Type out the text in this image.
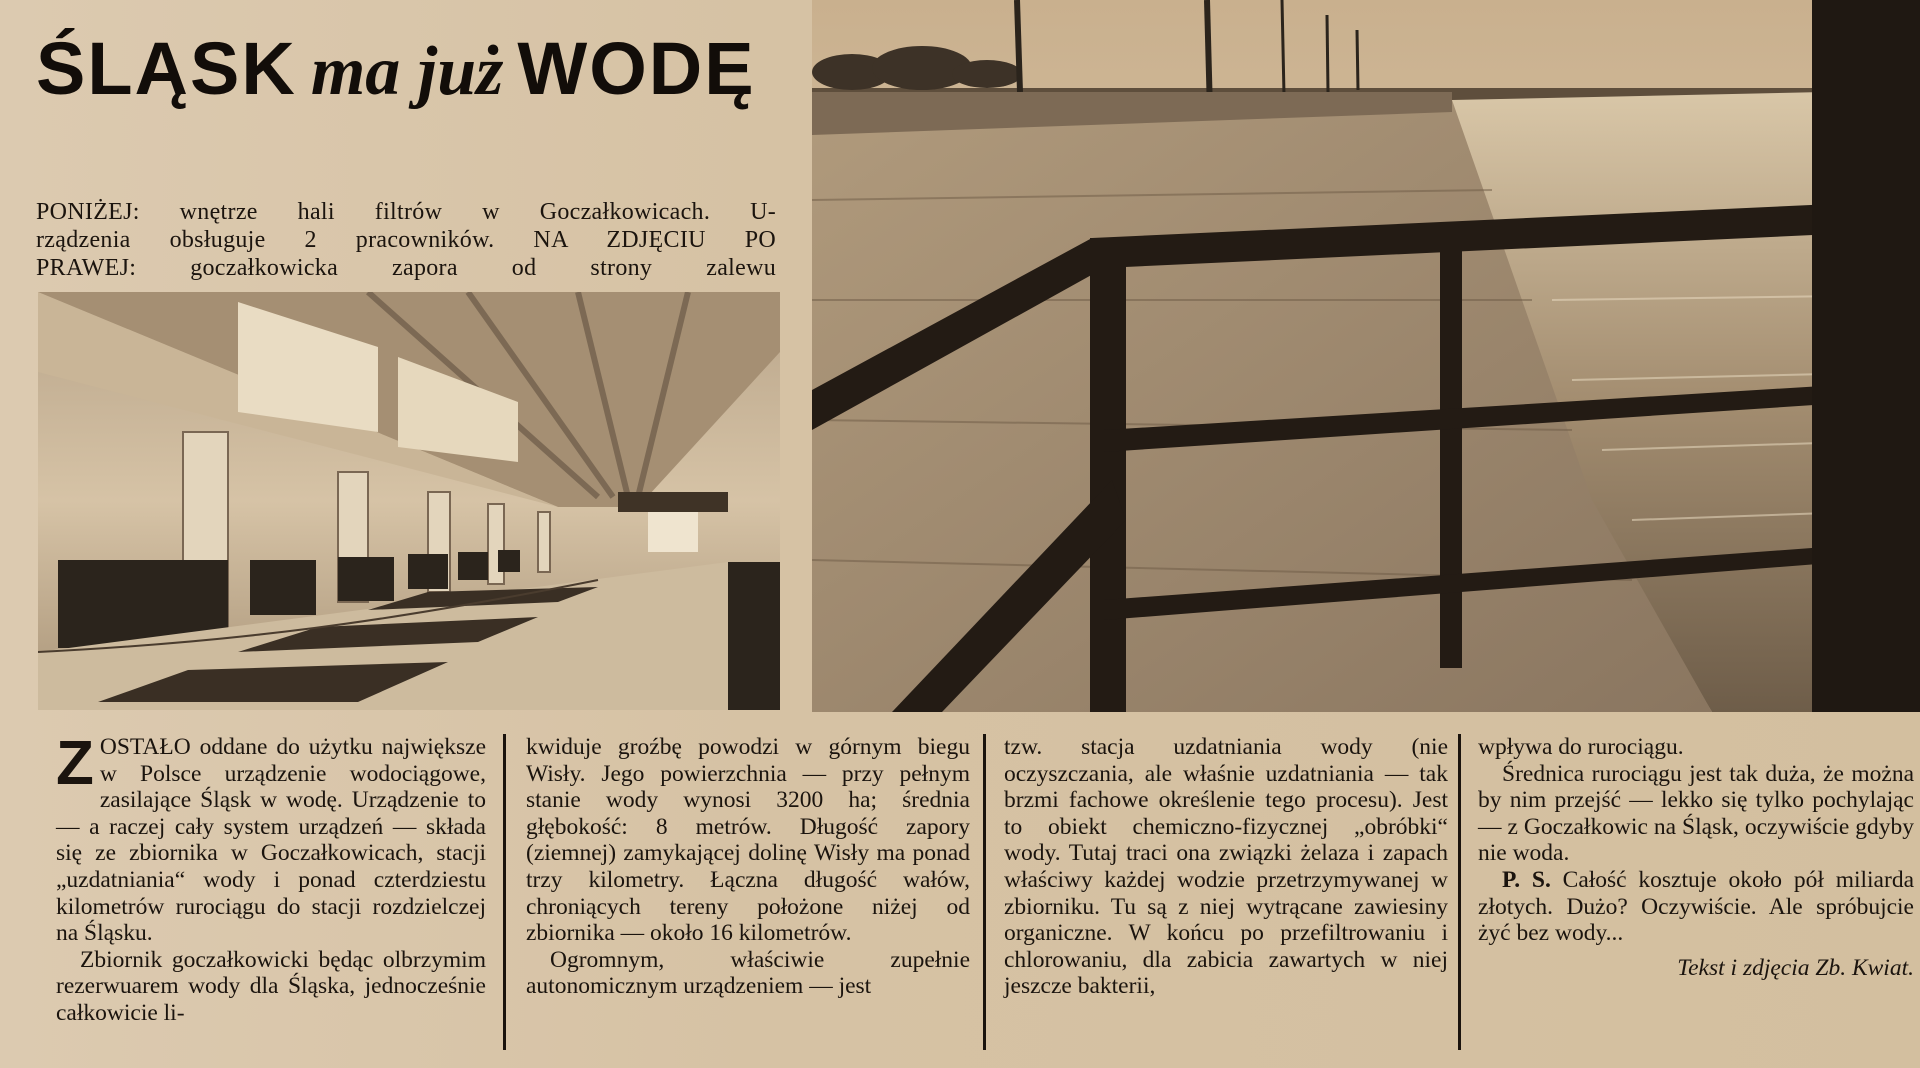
ŚLĄSK ma już WODĘ
PONIŻEJ: wnętrze hali filtrów w Goczałkowicach. U-
rządzenia obsługuje 2 pracowników. NA ZDJĘCIU PO
PRAWEJ: goczałkowicka zapora od strony zalewu
Z OSTAŁO oddane do użytku największe w Polsce urządzenie wodociągowe, zasilające Śląsk w wodę. Urządzenie to — a raczej cały system urządzeń — składa się ze zbiornika w Goczałkowicach, stacji „uzdatniania“ wody i ponad czterdziestu kilometrów rurociągu do stacji rozdzielczej na Śląsku.

Zbiornik goczałkowicki będąc olbrzymim rezerwuarem wody dla Śląska, jednocześnie całkowicie li-

kwiduje groźbę powodzi w górnym biegu Wisły. Jego powierzchnia — przy pełnym stanie wody wynosi 3200 ha; średnia głębokość: 8 metrów. Długość zapory (ziemnej) zamykającej dolinę Wisły ma ponad trzy kilometry. Łączna długość wałów, chroniących tereny położone niżej od zbiornika — około 16 kilometrów.

Ogromnym, właściwie zupełnie autonomicznym urządzeniem — jest

tzw. stacja uzdatniania wody (nie oczyszczania, ale właśnie uzdatniania — tak brzmi fachowe określenie tego procesu). Jest to obiekt chemiczno-fizycznej „obróbki“ wody. Tutaj traci ona związki żelaza i zapach właściwy każdej wodzie przetrzymywanej w zbiorniku. Tu są z niej wytrącane zawiesiny organiczne. W końcu po przefiltrowaniu i chlorowaniu, dla zabicia zawartych w niej jeszcze bakterii,

wpływa do rurociągu.

Średnica rurociągu jest tak duża, że można by nim przejść — lekko się tylko pochylając — z Goczałkowic na Śląsk, oczywiście gdyby nie woda.

P. S. Całość kosztuje około pół miliarda złotych. Dużo? Oczywiście. Ale spróbujcie żyć bez wody...

Tekst i zdjęcia Zb. Kwiat.
